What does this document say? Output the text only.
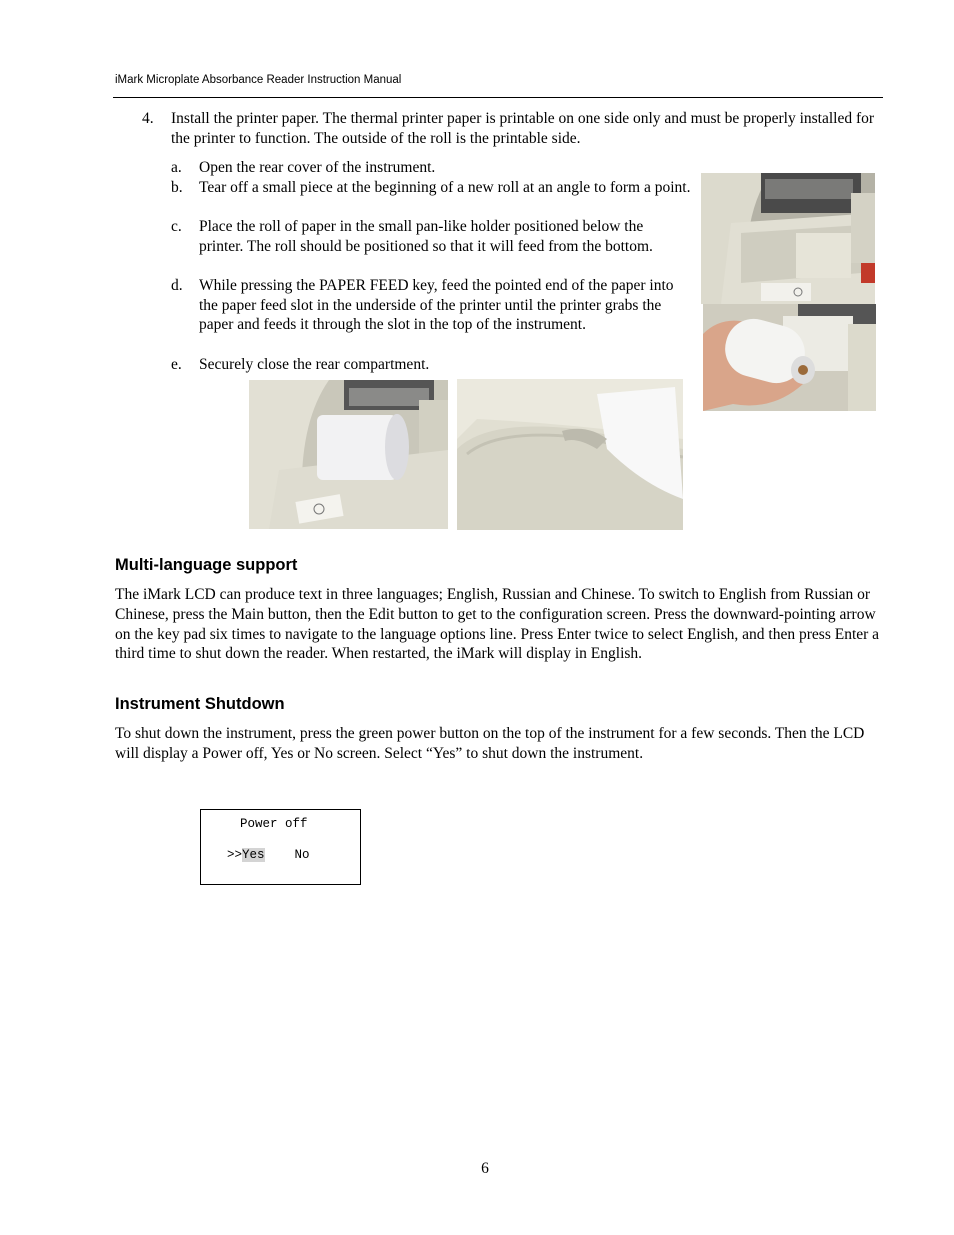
iMark Microplate Absorbance Reader Instruction Manual
4. Install the printer paper. The thermal printer paper is printable on one side only and must be properly installed for the printer to function. The outside of the roll is the printable side.
a. Open the rear cover of the instrument.
b. Tear off a small piece at the beginning of a new roll at an angle to form a point.
c. Place the roll of paper in the small pan-like holder positioned below the printer. The roll should be positioned so that it will feed from the bottom.
d. While pressing the PAPER FEED key, feed the pointed end of the paper into the paper feed slot in the underside of the printer until the printer grabs the paper and feeds it through the slot in the top of the instrument.
e. Securely close the rear compartment.
Multi-language support

The iMark LCD can produce text in three languages; English, Russian and Chinese. To switch to English from Russian or Chinese, press the Main button, then the Edit button to get to the configuration screen. Press the downward-pointing arrow on the key pad six times to navigate to the language options line. Press Enter twice to select English, and then press Enter a third time to shut down the reader. When restarted, the iMark will display in English.

Instrument Shutdown

To shut down the instrument, press the green power button on the top of the instrument for a few seconds. Then the LCD will display a Power off, Yes or No screen. Select “Yes” to shut down the instrument.

Power off
>>Yes No
6
